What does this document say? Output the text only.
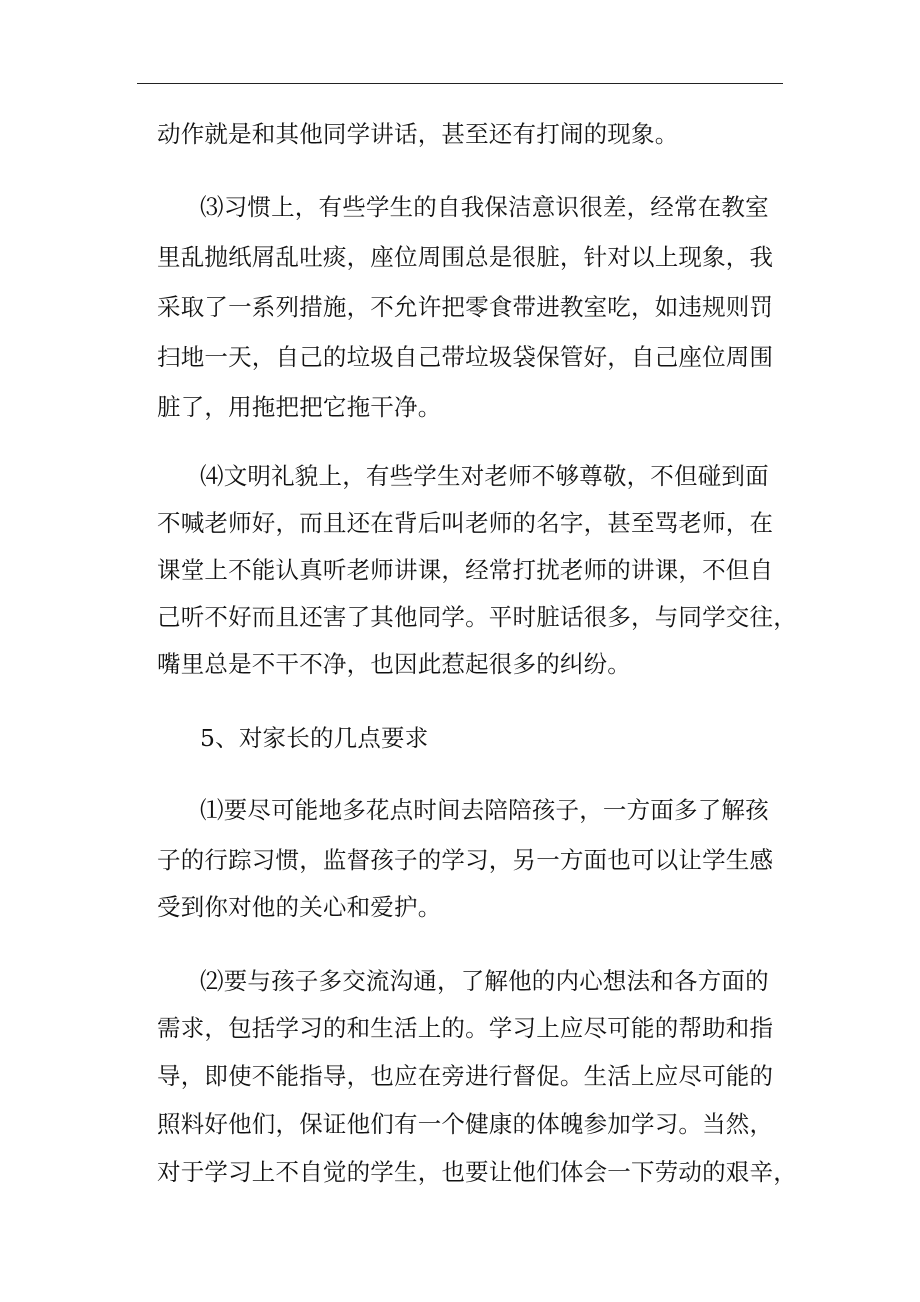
动作就是和其他同学讲话，甚至还有打闹的现象。
⑶习惯上，有些学生的自我保洁意识很差，经常在教室
里乱抛纸屑乱吐痰，座位周围总是很脏，针对以上现象，我
采取了一系列措施，不允许把零食带进教室吃，如违规则罚
扫地一天，自己的垃圾自己带垃圾袋保管好，自己座位周围
脏了，用拖把把它拖干净。
⑷文明礼貌上，有些学生对老师不够尊敬，不但碰到面
不喊老师好，而且还在背后叫老师的名字，甚至骂老师，在
课堂上不能认真听老师讲课，经常打扰老师的讲课，不但自
己听不好而且还害了其他同学。平时脏话很多，与同学交往，
嘴里总是不干不净，也因此惹起很多的纠纷。
5、对家长的几点要求
⑴要尽可能地多花点时间去陪陪孩子，一方面多了解孩
子的行踪习惯，监督孩子的学习，另一方面也可以让学生感
受到你对他的关心和爱护。
⑵要与孩子多交流沟通，了解他的内心想法和各方面的
需求，包括学习的和生活上的。学习上应尽可能的帮助和指
导，即使不能指导，也应在旁进行督促。生活上应尽可能的
照料好他们，保证他们有一个健康的体魄参加学习。当然，
对于学习上不自觉的学生，也要让他们体会一下劳动的艰辛，
